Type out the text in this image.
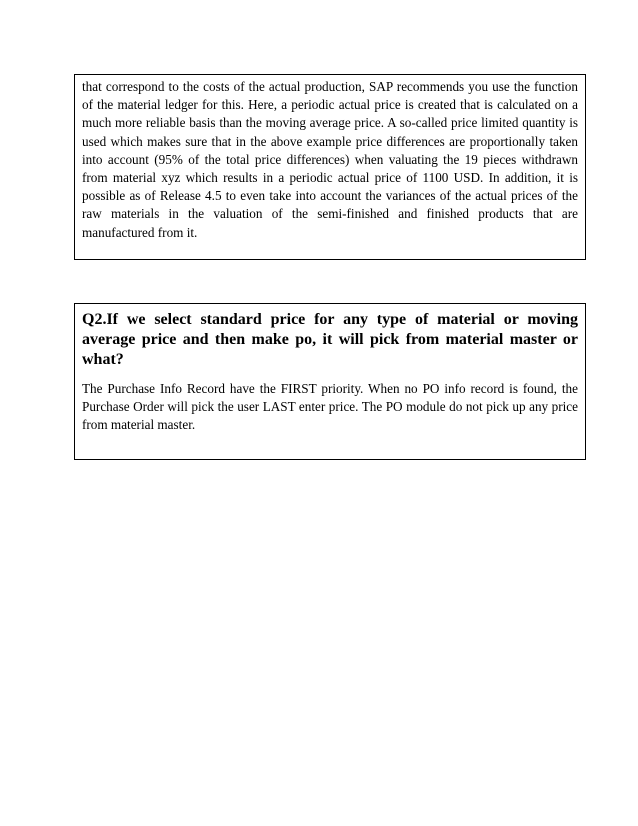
that correspond to the costs of the actual production, SAP recommends you use the function of the material ledger for this. Here, a periodic actual price is created that is calculated on a much more reliable basis than the moving average price. A so-called price limited quantity is used which makes sure that in the above example price differences are proportionally taken into account (95% of the total price differences) when valuating the 19 pieces withdrawn from material xyz which results in a periodic actual price of 1100 USD. In addition, it is possible as of Release 4.5 to even take into account the variances of the actual prices of the raw materials in the valuation of the semi-finished and finished products that are manufactured from it.

Q2.If we select standard price for any type of material or moving average price and then make po, it will pick from material master or what?

The Purchase Info Record have the FIRST priority. When no PO info record is found, the Purchase Order will pick the user LAST enter price. The PO module do not pick up any price from material master.
